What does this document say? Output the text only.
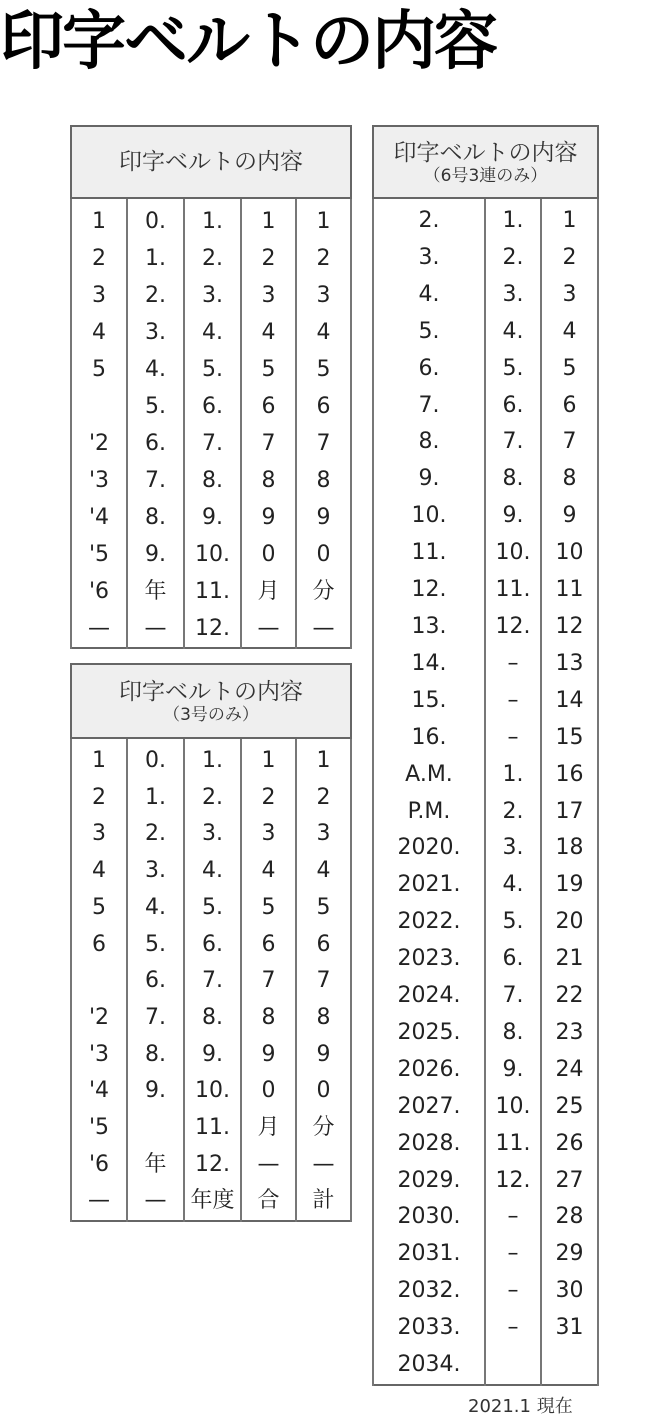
印字ベルトの内容
印字ベルトの内容				

1	0.	1.	1	1
2	1.	2.	2	2
3	2.	3.	3	3
4	3.	4.	4	4
5	4.	5.	5	5
	5.	6.	6	6
'2	6.	7.	7	7
'3	7.	8.	8	8
'4	8.	9.	9	9
'5	9.	10.	0	0
'6	年	11.	月	分
—	—	12.	—	—
印字ベルトの内容
（3号のみ）				

1	0.	1.	1	1
2	1.	2.	2	2
3	2.	3.	3	3
4	3.	4.	4	4
5	4.	5.	5	5
6	5.	6.	6	6
	6.	7.	7	7
'2	7.	8.	8	8
'3	8.	9.	9	9
'4	9.	10.	0	0
'5		11.	月	分
'6	年	12.	—	—
—	—	年度	合	計
印字ベルトの内容
（6号3連のみ）		

2.	1.	1
3.	2.	2
4.	3.	3
5.	4.	4
6.	5.	5
7.	6.	6
8.	7.	7
9.	8.	8
10.	9.	9
11.	10.	10
12.	11.	11
13.	12.	12
14.	–	13
15.	–	14
16.	–	15
A.M.	1.	16
P.M.	2.	17
2020.	3.	18
2021.	4.	19
2022.	5.	20
2023.	6.	21
2024.	7.	22
2025.	8.	23
2026.	9.	24
2027.	10.	25
2028.	11.	26
2029.	12.	27
2030.	–	28
2031.	–	29
2032.	–	30
2033.	–	31
2034.		
2021.1 現在
